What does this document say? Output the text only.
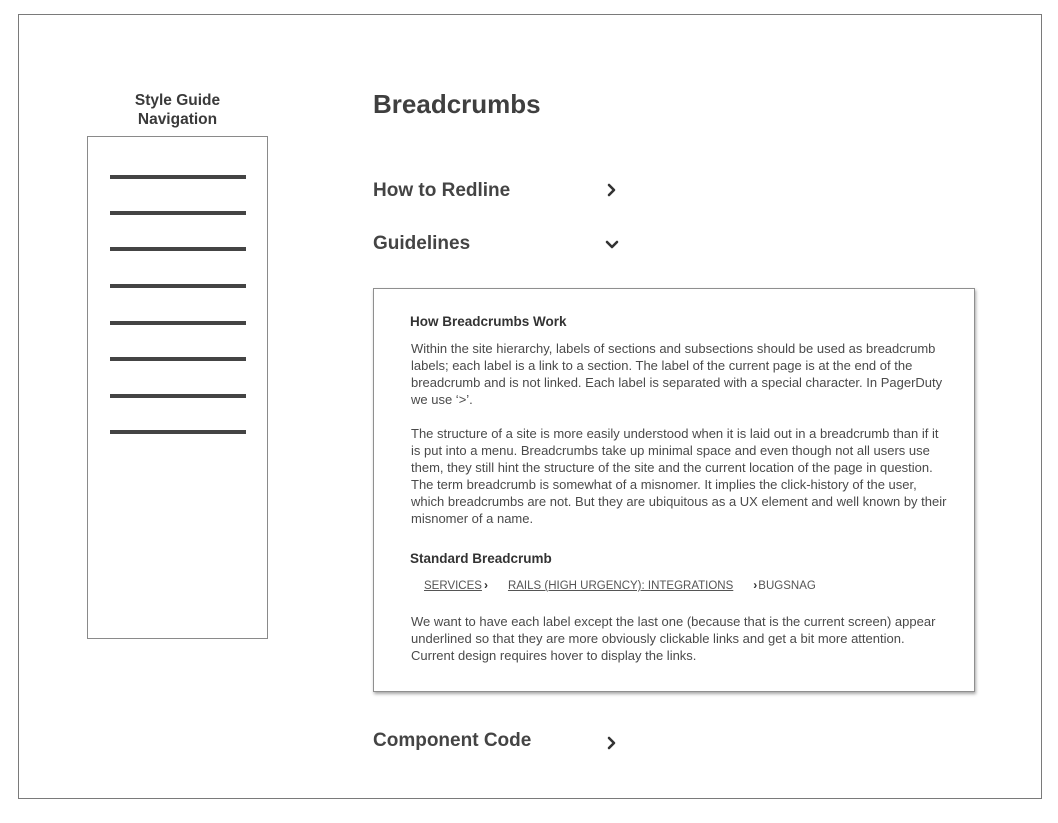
Style Guide
Navigation
Breadcrumbs
How to Redline
Guidelines
How Breadcrumbs Work

Within the site hierarchy, labels of sections and subsections should be used as breadcrumb labels; each label is a link to a section. The label of the current page is at the end of the breadcrumb and is not linked. Each label is separated with a special character. In PagerDuty we use ‘>’.

The structure of a site is more easily understood when it is laid out in a breadcrumb than if it is put into a menu. Breadcrumbs take up minimal space and even though not all users use them, they still hint the structure of the site and the current location of the page in question. The term breadcrumb is somewhat of a misnomer. It implies the click-history of the user, which breadcrumbs are not. But they are ubiquitous as a UX element and well known by their misnomer of a name.

Standard Breadcrumb
SERVICES › RAILS (HIGH URGENCY): INTEGRATIONS ›BUGSNAG

We want to have each label except the last one (because that is the current screen) appear underlined so that they are more obviously clickable links and get a bit more attention. Current design requires hover to display the links.

Component Code
